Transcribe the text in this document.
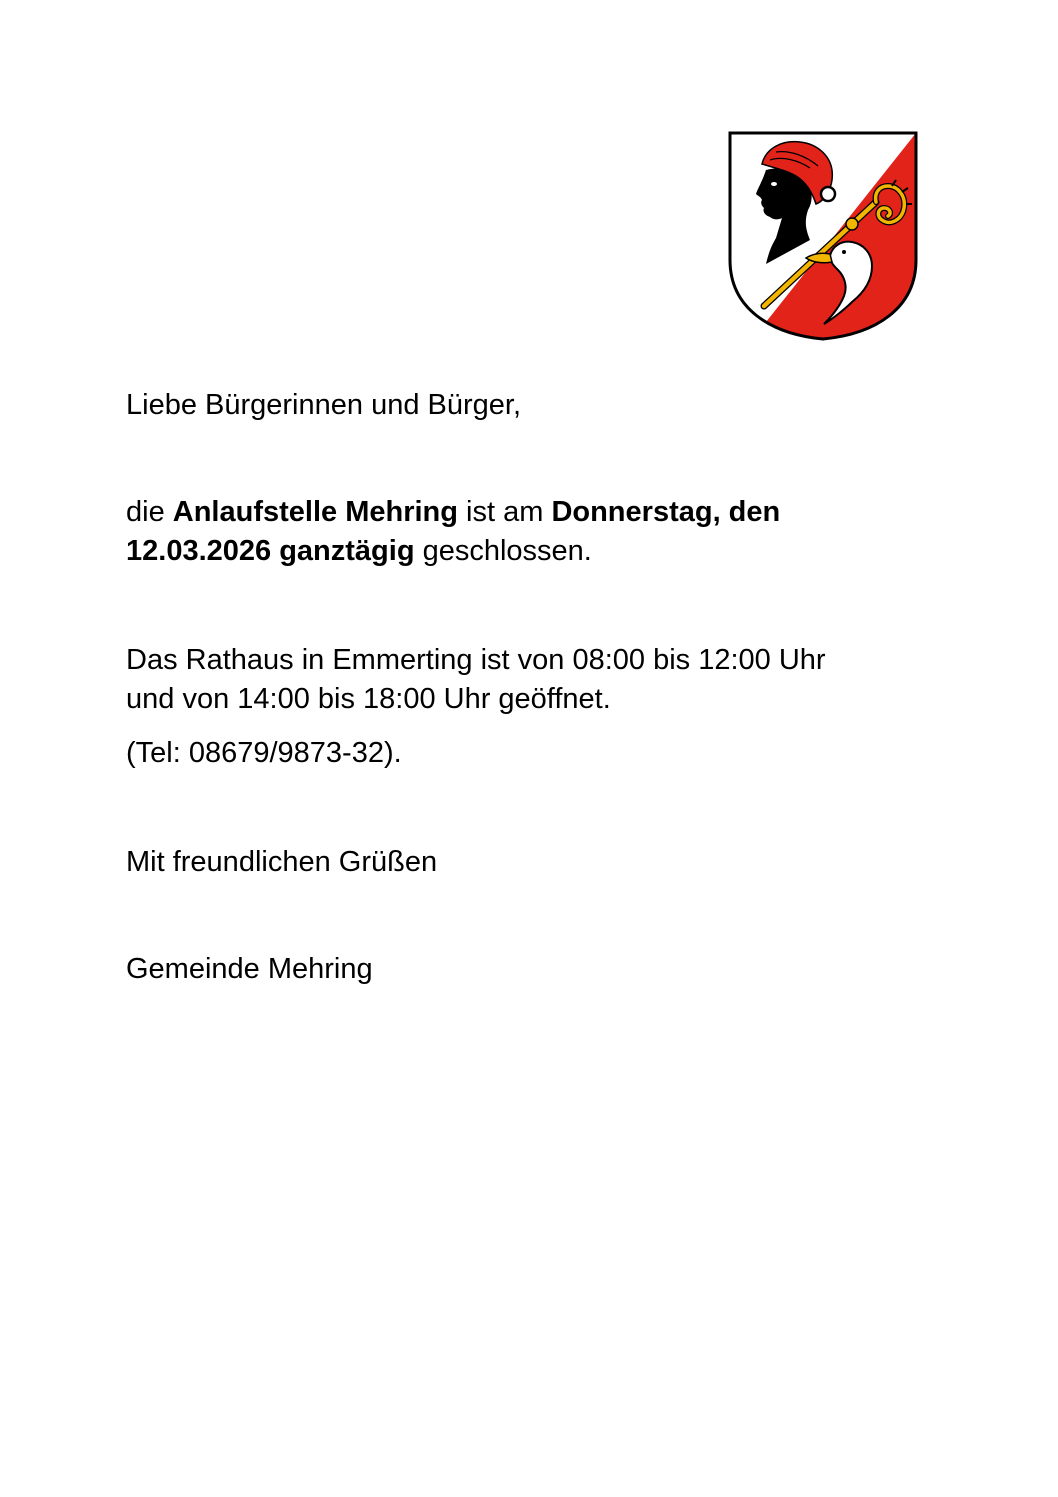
Liebe Bürgerinnen und Bürger,
die Anlaufstelle Mehring ist am Donnerstag, den
12.03.2026 ganztägig geschlossen.
Das Rathaus in Emmerting ist von 08:00 bis 12:00 Uhr
und von 14:00 bis 18:00 Uhr geöffnet.
(Tel: 08679/9873-32).
Mit freundlichen Grüßen
Gemeinde Mehring
